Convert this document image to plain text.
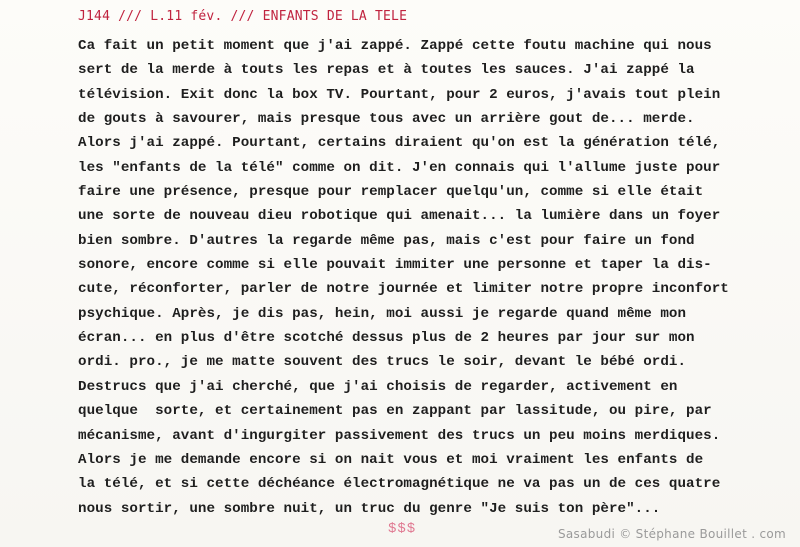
J144 /// L.11 fév. /// ENFANTS DE LA TELE
Ca fait un petit moment que j'ai zappé. Zappé cette foutu machine qui nous
sert de la merde à touts les repas et à toutes les sauces. J'ai zappé la
télévision. Exit donc la box TV. Pourtant, pour 2 euros, j'avais tout plein
de gouts à savourer, mais presque tous avec un arrière gout de... merde.
Alors j'ai zappé. Pourtant, certains diraient qu'on est la génération télé,
les "enfants de la télé" comme on dit. J'en connais qui l'allume juste pour
faire une présence, presque pour remplacer quelqu'un, comme si elle était
une sorte de nouveau dieu robotique qui amenait... la lumière dans un foyer
bien sombre. D'autres la regarde même pas, mais c'est pour faire un fond
sonore, encore comme si elle pouvait immiter une personne et taper la dis-
cute, réconforter, parler de notre journée et limiter notre propre inconfort
psychique. Après, je dis pas, hein, moi aussi je regarde quand même mon
écran... en plus d'être scotché dessus plus de 2 heures par jour sur mon
ordi. pro., je me matte souvent des trucs le soir, devant le bébé ordi.
Destrucs que j'ai cherché, que j'ai choisis de regarder, activement en
quelque  sorte, et certainement pas en zappant par lassitude, ou pire, par
mécanisme, avant d'ingurgiter passivement des trucs un peu moins merdiques.
Alors je me demande encore si on nait vous et moi vraiment les enfants de
la télé, et si cette déchéance électromagnétique ne va pas un de ces quatre
nous sortir, une sombre nuit, un truc du genre "Je suis ton père"...
$$$	Sasabudi © Stéphane Bouillet . com
